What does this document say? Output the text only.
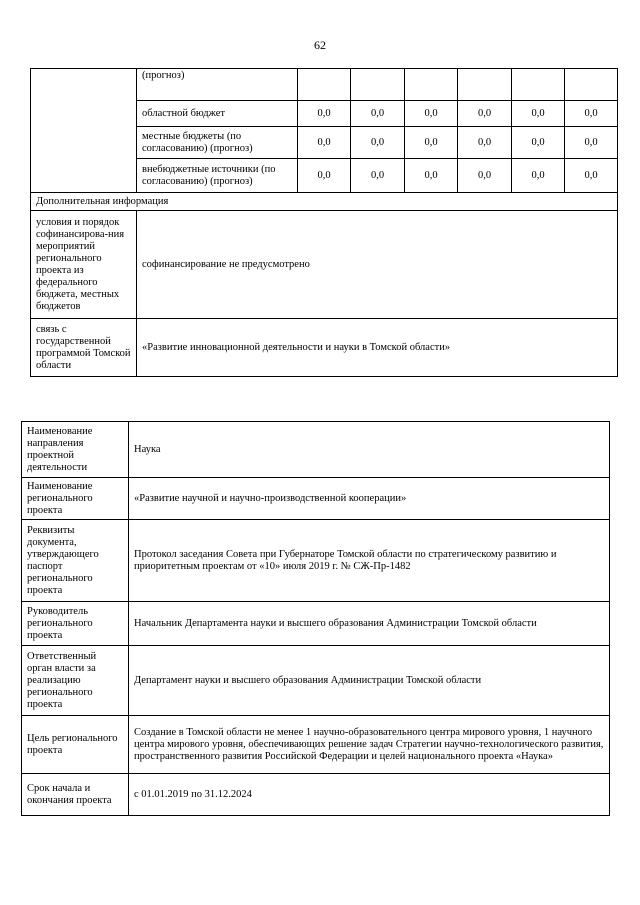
62
	(прогноз)						
	областной бюджет	0,0	0,0	0,0	0,0	0,0	0,0
	местные бюджеты (по согласованию) (прогноз)	0,0	0,0	0,0	0,0	0,0	0,0
	внебюджетные источники (по согласованию) (прогноз)	0,0	0,0	0,0	0,0	0,0	0,0
Дополнительная информация							
условия и порядок софинансирова-ния мероприятий регионального проекта из федерального бюджета, местных бюджетов	софинансирование не предусмотрено						
связь с государственной программой Томской области	«Развитие инновационной деятельности и науки в Томской области»						
Наименование направления проектной деятельности	Наука
Наименование регионального проекта	«Развитие научной и научно-производственной кооперации»
Реквизиты документа, утверждающего паспорт регионального проекта	Протокол заседания Совета при Губернаторе Томской области по стратегическому развитию и приоритетным проектам от «10» июля 2019 г. № СЖ-Пр-1482
Руководитель регионального проекта	Начальник Департамента науки и высшего образования Администрации Томской области
Ответственный орган власти за реализацию регионального проекта	Департамент науки и высшего образования Администрации Томской области
Цель регионального проекта	Создание в Томской области не менее 1 научно-образовательного центра мирового уровня, 1 научного центра мирового уровня, обеспечивающих решение задач Стратегии научно-технологического развития, пространственного развития Российской Федерации и целей национального проекта «Наука»
Срок начала и окончания проекта	с 01.01.2019 по 31.12.2024
